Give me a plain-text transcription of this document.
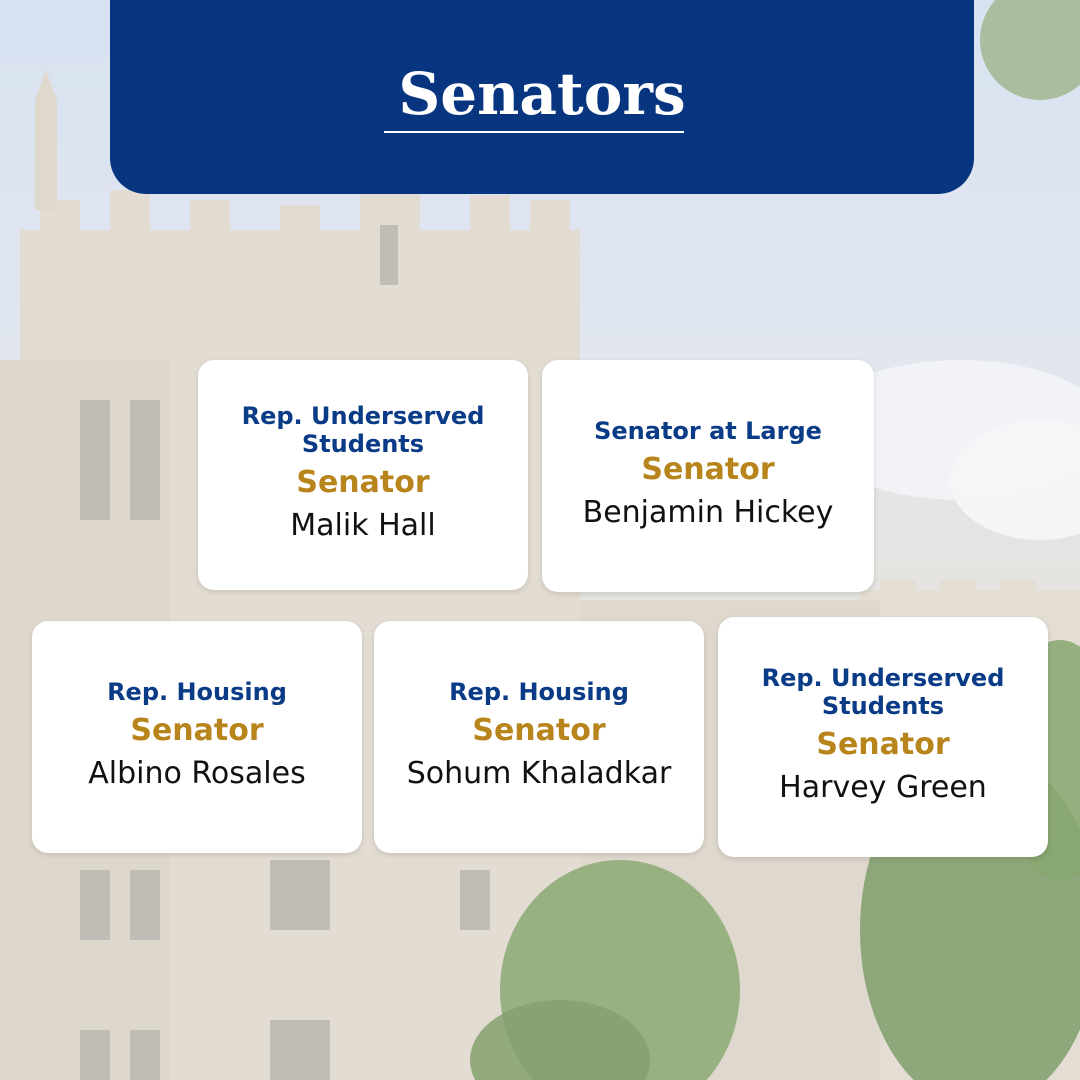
Senators
Rep. Underserved Students
Senator
Malik Hall
Senator at Large
Senator
Benjamin Hickey
Rep. Housing
Senator
Albino Rosales
Rep. Housing
Senator
Sohum Khaladkar
Rep. Underserved Students
Senator
Harvey Green
